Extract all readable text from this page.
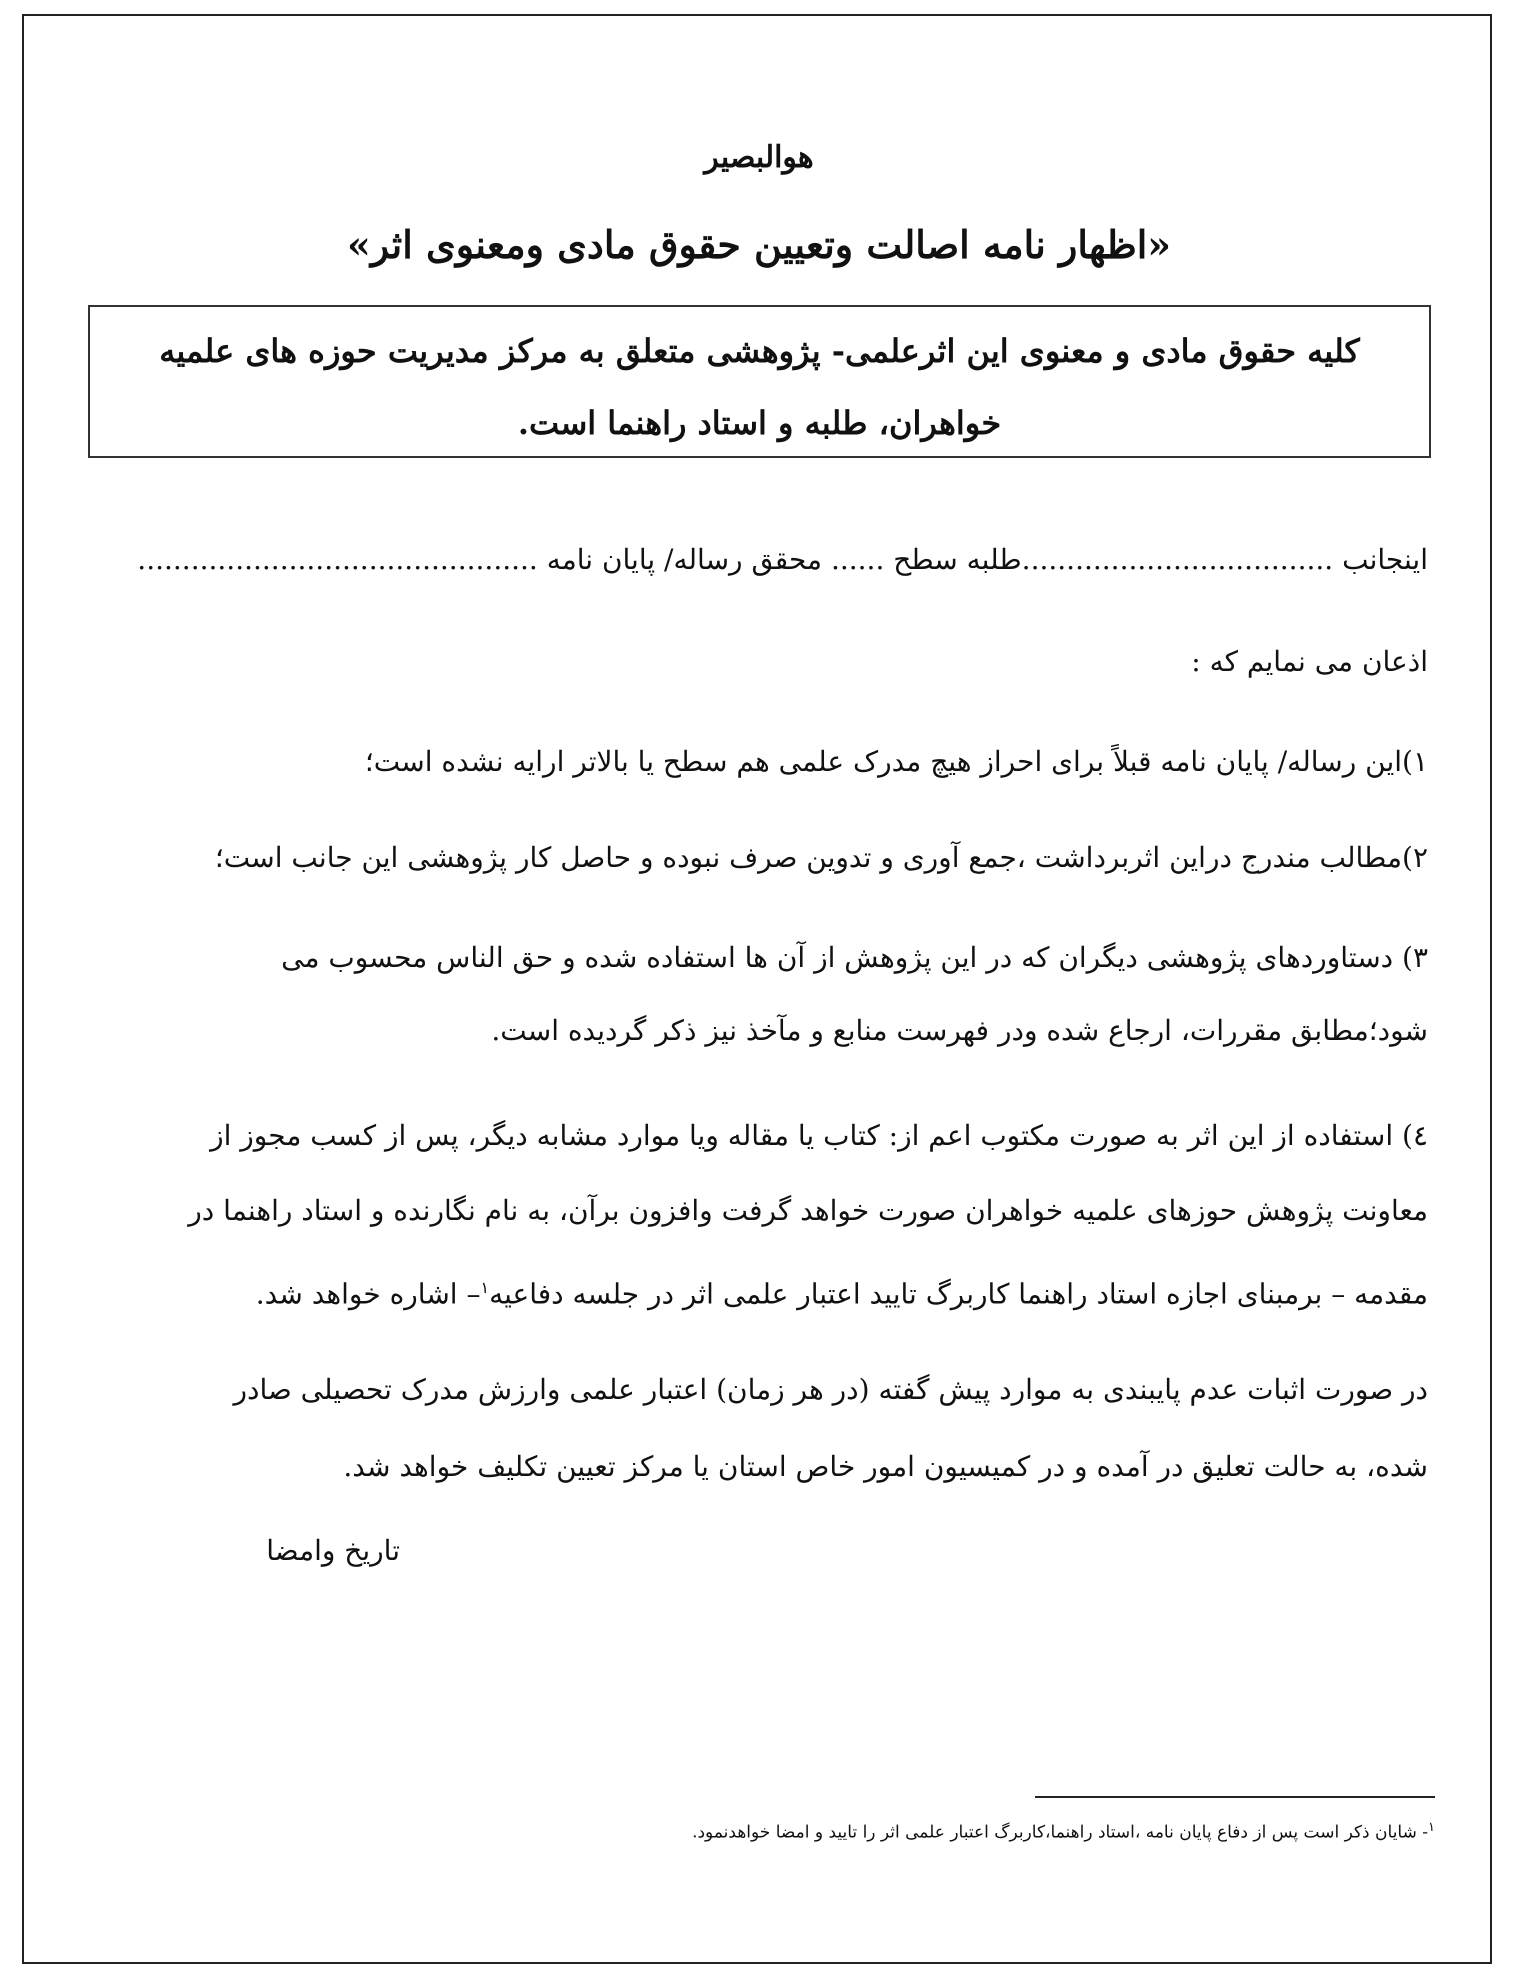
هوالبصیر
«اظهار نامه اصالت وتعیین حقوق مادی ومعنوی اثر»
کلیه حقوق مادی و معنوی این اثرعلمی- پژوهشی متعلق به مرکز مدیریت حوزه های علمیه
خواهران، طلبه و استاد راهنما است.
اینجانب ...................................طلبه سطح ...... محقق رساله/ پایان نامه .............................................
اذعان می نمایم که :
۱)این رساله/ پایان نامه قبلاً برای احراز هیچ مدرک علمی هم سطح یا بالاتر ارایه نشده است؛
۲)مطالب مندرج دراین اثربرداشت ،جمع آوری و تدوین صرف نبوده و حاصل کار پژوهشی این جانب است؛
۳) دستاوردهای پژوهشی دیگران که در این پژوهش از آن ها استفاده شده و حق الناس محسوب می
شود؛مطابق مقررات، ارجاع شده ودر فهرست منابع و مآخذ نیز ذکر گردیده است.
٤) استفاده از این اثر به صورت مکتوب اعم از: کتاب یا مقاله ویا موارد مشابه دیگر، پس از کسب مجوز از
معاونت پژوهش حوزهای علمیه خواهران صورت خواهد گرفت وافزون برآن، به نام نگارنده و استاد راهنما در
مقدمه – برمبنای اجازه استاد راهنما کاربرگ تایید اعتبار علمی اثر در جلسه دفاعیه$^۱$– اشاره خواهد شد.
در صورت اثبات عدم پایبندی به موارد پیش گفته (در هر زمان) اعتبار علمی وارزش مدرک تحصیلی صادر
شده، به حالت تعلیق در آمده و در کمیسیون امور خاص استان یا مرکز تعیین تکلیف خواهد شد.
تاریخ وامضا
$^۱$- شایان ذکر است پس از دفاع پایان نامه ،استاد راهنما،کاربرگ اعتبار علمی اثر را تایید و امضا خواهدنمود.
